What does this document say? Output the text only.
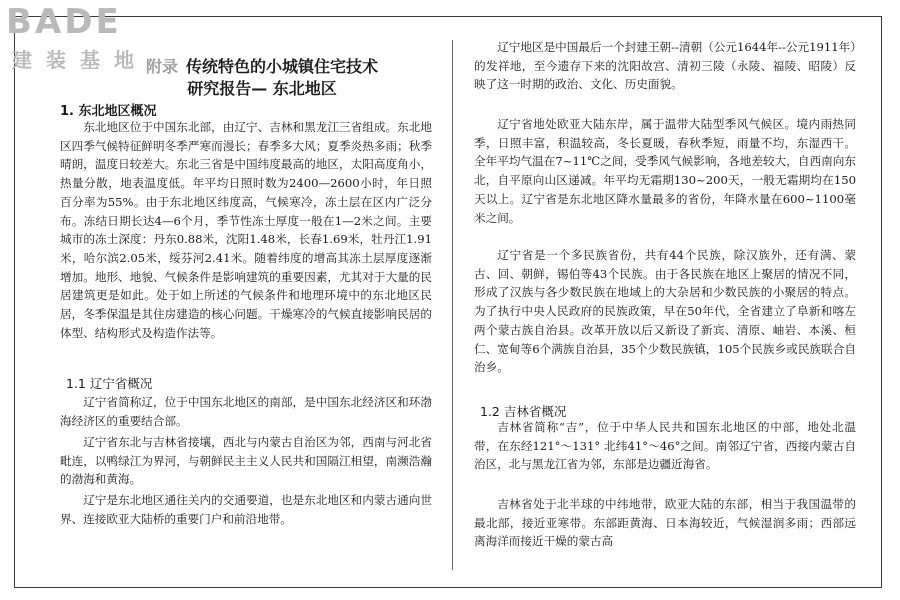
BADE
建装基地
附录 传统特色的小城镇住宅技术
研究报告— 东北地区
1. 东北地区概况

东北地区位于中国东北部，由辽宁、吉林和黑龙江三省组成。东北地区四季气候特征鲜明冬季严寒而漫长；春季多大风；夏季炎热多雨；秋季晴朗，温度日较差大。东北三省是中国纬度最高的地区，太阳高度角小，热量分散，地表温度低。年平均日照时数为2400—2600小时，年日照百分率为55%。由于东北地区纬度高，气候寒冷，冻土层在区内广泛分布。冻结日期长达4—6个月，季节性冻土厚度一般在1—2米之间。主要城市的冻土深度：丹东0.88米，沈阳1.48米，长春1.69米，牡丹江1.91米，哈尔滨2.05米，绥芬河2.41米。随着纬度的增高其冻土层厚度逐渐增加。地形、地貌、气候条件是影响建筑的重要因素，尤其对于大量的民居建筑更是如此。处于如上所述的气候条件和地理环境中的东北地区民居，冬季保温是其住房建造的核心问题。干燥寒冷的气候直接影响民居的体型、结构形式及构造作法等。

1.1 辽宁省概况

辽宁省简称辽，位于中国东北地区的南部，是中国东北经济区和环渤海经济区的重要结合部。

辽宁省东北与吉林省接壤，西北与内蒙古自治区为邻，西南与河北省毗连，以鸭绿江为界河，与朝鲜民主主义人民共和国隔江相望，南濒浩瀚的渤海和黄海。

辽宁是东北地区通往关内的交通要道，也是东北地区和内蒙古通向世界、连接欧亚大陆桥的重要门户和前沿地带。

辽宁地区是中国最后一个封建王朝--清朝（公元1644年--公元1911年）的发祥地，至今遗存下来的沈阳故宫、清初三陵（永陵、福陵、昭陵）反映了这一时期的政治、文化、历史面貌。

辽宁省地处欧亚大陆东岸，属于温带大陆型季风气候区。境内雨热同季，日照丰富，积温较高，冬长夏暖，春秋季短，雨量不均，东湿西干。全年平均气温在7~11℃之间，受季风气候影响，各地差较大，自西南向东北，自平原向山区递减。年平均无霜期130~200天，一般无霜期均在150天以上。辽宁省是东北地区降水量最多的省份，年降水量在600~1100毫米之间。

辽宁省是一个多民族省份，共有44个民族，除汉族外，还有满、蒙古、回、朝鲜，锡伯等43个民族。由于各民族在地区上聚居的情况不同，形成了汉族与各少数民族在地域上的大杂居和少数民族的小聚居的特点。为了执行中央人民政府的民族政策，早在50年代，全省建立了阜新和喀左两个蒙古族自治县。改革开放以后又新设了新宾、清原、岫岩、本溪、桓仁、宽甸等6个满族自治县，35个少数民族镇，105个民族乡或民族联合自治乡。

1.2 吉林省概况

吉林省简称“吉”，位于中华人民共和国东北地区的中部，地处北温带，在东经121°～131° 北纬41°～46°之间。南邻辽宁省，西接内蒙古自治区，北与黑龙江省为邻，东部是边疆近海省。

吉林省处于北半球的中纬地带，欧亚大陆的东部，相当于我国温带的最北部，接近亚寒带。东部距黄海、日本海较近，气候湿润多雨；西部远离海洋而接近干燥的蒙古高
